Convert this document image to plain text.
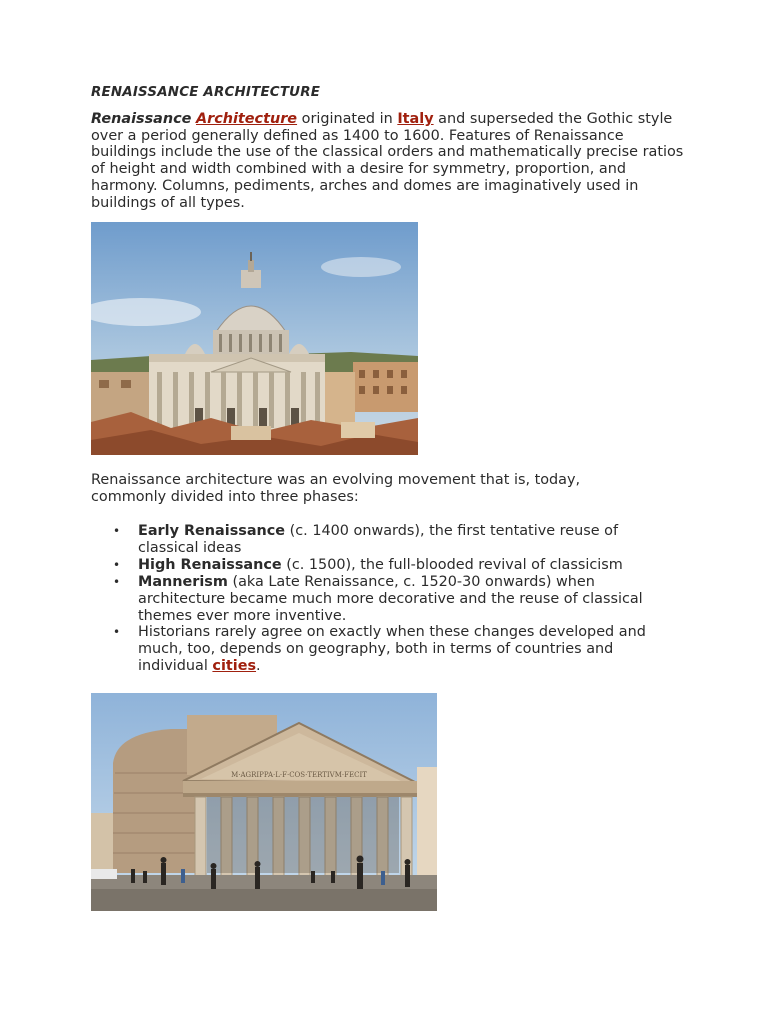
RENAISSANCE ARCHITECTURE

Renaissance Architecture originated in Italy and superseded the Gothic style over a period generally defined as 1400 to 1600. Features of Renaissance buildings include the use of the classical orders and mathematically precise ratios of height and width combined with a desire for symmetry, proportion, and harmony. Columns, pediments, arches and domes are imaginatively used in buildings of all types.

Renaissance architecture was an evolving movement that is, today, commonly divided into three phases:

• Early Renaissance (c. 1400 onwards), the first tentative reuse of classical ideas
• High Renaissance (c. 1500), the full-blooded revival of classicism
• Mannerism (aka Late Renaissance, c. 1520-30 onwards) when architecture became much more decorative and the reuse of classical themes ever more inventive.
• Historians rarely agree on exactly when these changes developed and much, too, depends on geography, both in terms of countries and individual cities.
M·AGRIPPA·L·F·COS·TERTIVM·FECIT
